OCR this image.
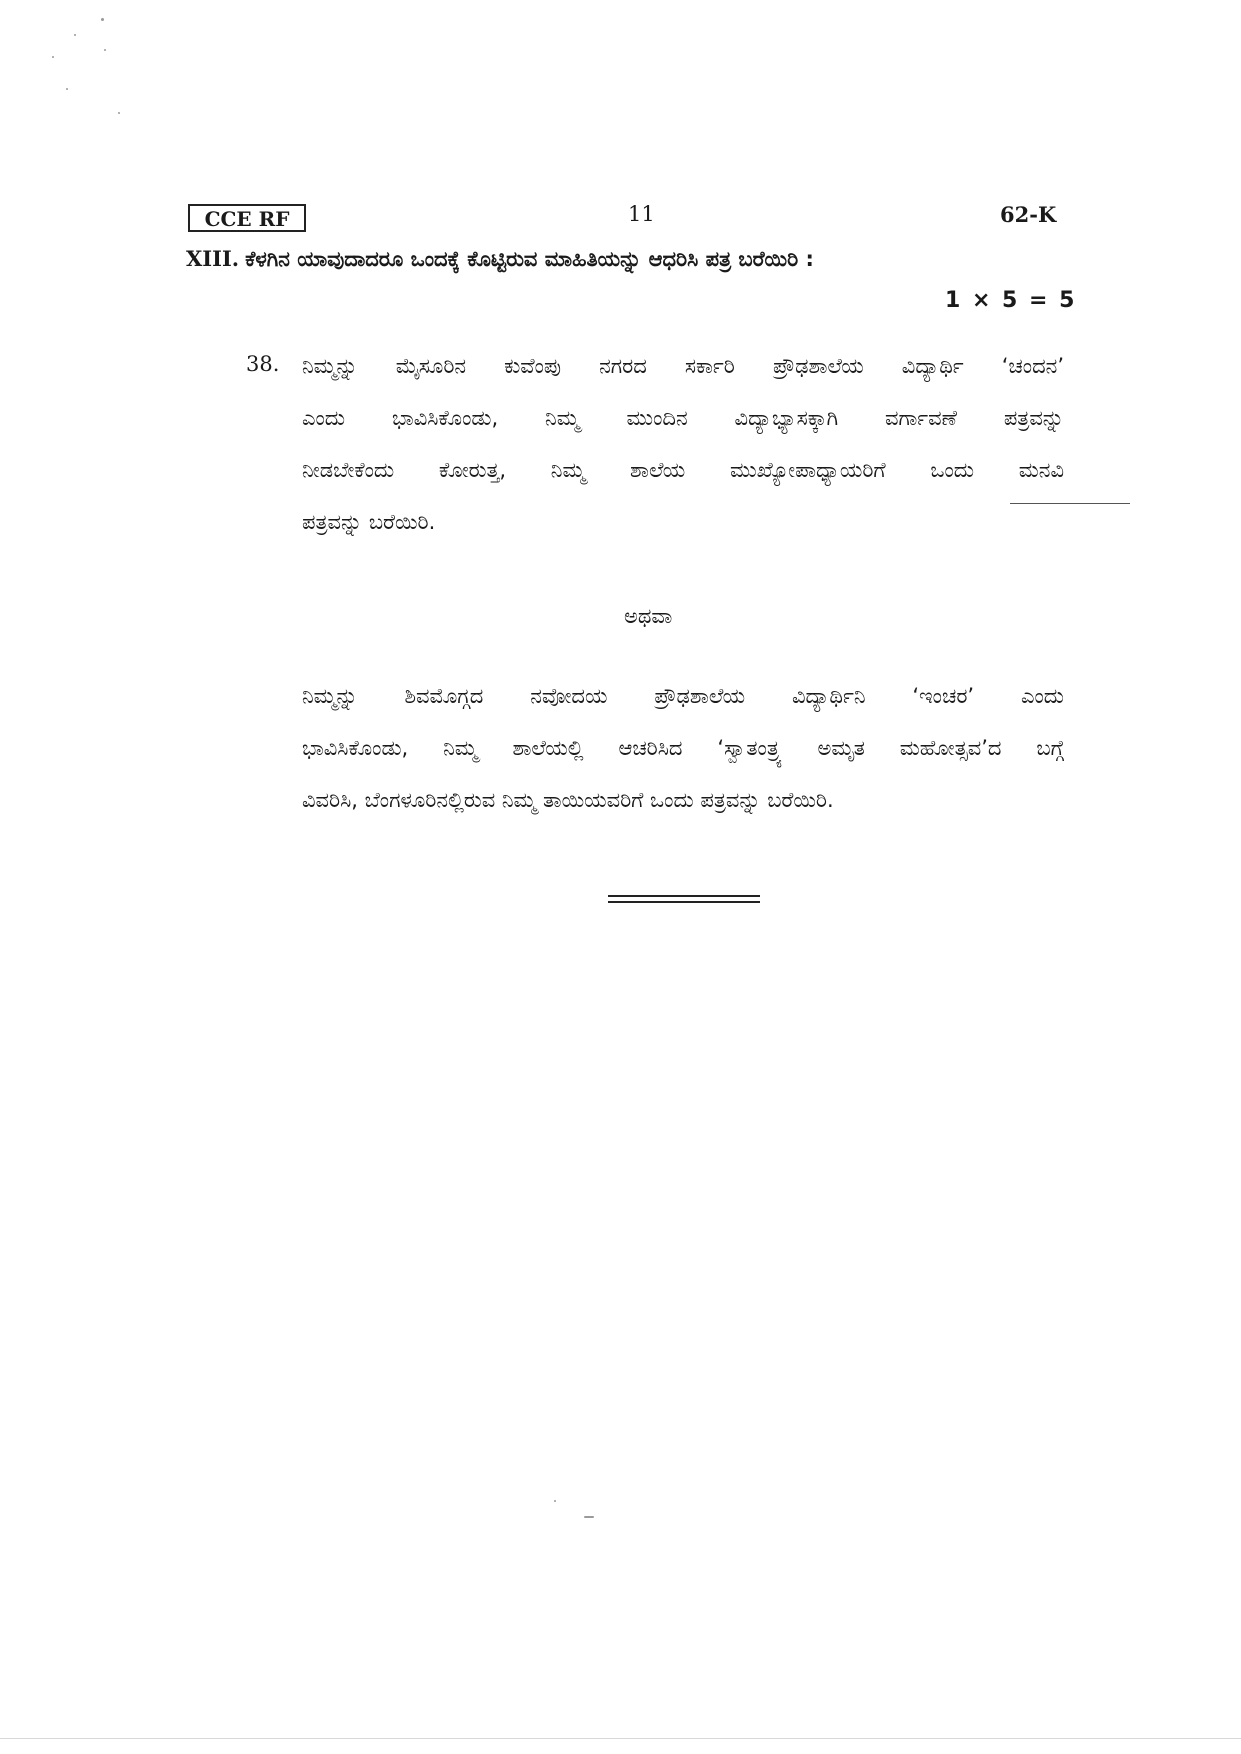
CCE RF	11	62-K
XIII. ಕೆಳಗಿನ ಯಾವುದಾದರೂ ಒಂದಕ್ಕೆ ಕೊಟ್ಟಿರುವ ಮಾಹಿತಿಯನ್ನು ಆಧರಿಸಿ ಪತ್ರ ಬರೆಯಿರಿ :
1 × 5 = 5
38. ನಿಮ್ಮನ್ನು ಮೈಸೂರಿನ ಕುವೆಂಪು ನಗರದ ಸರ್ಕಾರಿ ಪ್ರೌಢಶಾಲೆಯ ವಿದ್ಯಾರ್ಥಿ ‘ಚಂದನ’
ಎಂದು ಭಾವಿಸಿಕೊಂಡು, ನಿಮ್ಮ ಮುಂದಿನ ವಿದ್ಯಾಭ್ಯಾಸಕ್ಕಾಗಿ ವರ್ಗಾವಣೆ ಪತ್ರವನ್ನು
ನೀಡಬೇಕೆಂದು ಕೋರುತ್ತ, ನಿಮ್ಮ ಶಾಲೆಯ ಮುಖ್ಯೋಪಾಧ್ಯಾಯರಿಗೆ ಒಂದು ಮನವಿ
ಪತ್ರವನ್ನು ಬರೆಯಿರಿ.
ಅಥವಾ
ನಿಮ್ಮನ್ನು ಶಿವಮೊಗ್ಗದ ನವೋದಯ ಪ್ರೌಢಶಾಲೆಯ ವಿದ್ಯಾರ್ಥಿನಿ ‘ಇಂಚರ’ ಎಂದು
ಭಾವಿಸಿಕೊಂಡು, ನಿಮ್ಮ ಶಾಲೆಯಲ್ಲಿ ಆಚರಿಸಿದ ‘ಸ್ವಾತಂತ್ರ್ಯ ಅಮೃತ ಮಹೋತ್ಸವ’ದ ಬಗ್ಗೆ
ವಿವರಿಸಿ, ಬೆಂಗಳೂರಿನಲ್ಲಿರುವ ನಿಮ್ಮ ತಾಯಿಯವರಿಗೆ ಒಂದು ಪತ್ರವನ್ನು ಬರೆಯಿರಿ.
